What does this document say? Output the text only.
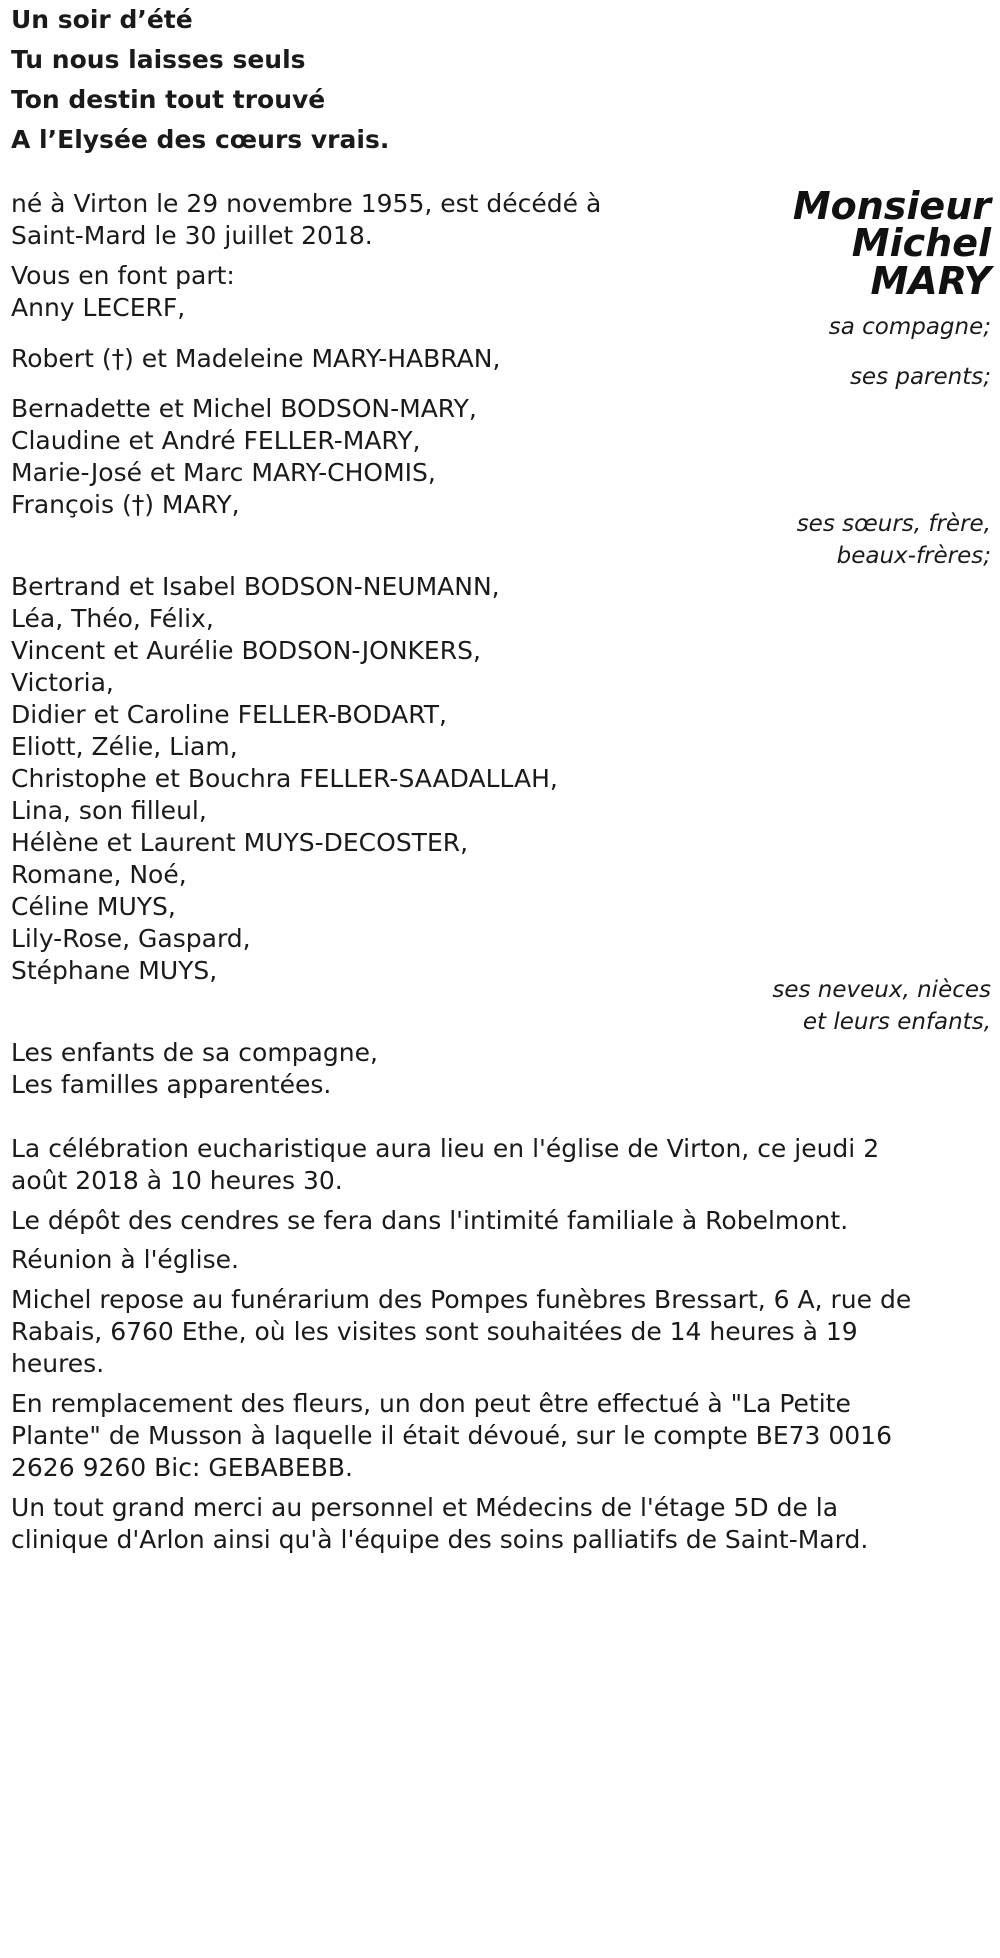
Un soir d’été
Tu nous laisses seuls
Ton destin tout trouvé
A l’Elysée des cœurs vrais.
Monsieur
Michel
MARY
né à Virton le 29 novembre 1955, est décédé à
Saint-Mard le 30 juillet 2018.
Vous en font part:
Anny LECERF,
sa compagne;
Robert (†) et Madeleine MARY-HABRAN,
ses parents;
Bernadette et Michel BODSON-MARY,
Claudine et André FELLER-MARY,
Marie-José et Marc MARY-CHOMIS,
François (†) MARY,
ses sœurs, frère,
beaux-frères;
Bertrand et Isabel BODSON-NEUMANN,
Léa, Théo, Félix,
Vincent et Aurélie BODSON-JONKERS,
Victoria,
Didier et Caroline FELLER-BODART,
Eliott, Zélie, Liam,
Christophe et Bouchra FELLER-SAADALLAH,
Lina, son filleul,
Hélène et Laurent MUYS-DECOSTER,
Romane, Noé,
Céline MUYS,
Lily-Rose, Gaspard,
Stéphane MUYS,
ses neveux, nièces
et leurs enfants,
Les enfants de sa compagne,
Les familles apparentées.
La célébration eucharistique aura lieu en l'église de Virton, ce jeudi 2
août 2018 à 10 heures 30.
Le dépôt des cendres se fera dans l'intimité familiale à Robelmont.
Réunion à l'église.
Michel repose au funérarium des Pompes funèbres Bressart, 6 A, rue de
Rabais, 6760 Ethe, où les visites sont souhaitées de 14 heures à 19
heures.
En remplacement des fleurs, un don peut être effectué à "La Petite
Plante" de Musson à laquelle il était dévoué, sur le compte BE73 0016
2626 9260 Bic: GEBABEBB.
Un tout grand merci au personnel et Médecins de l'étage 5D de la
clinique d'Arlon ainsi qu'à l'équipe des soins palliatifs de Saint-Mard.
